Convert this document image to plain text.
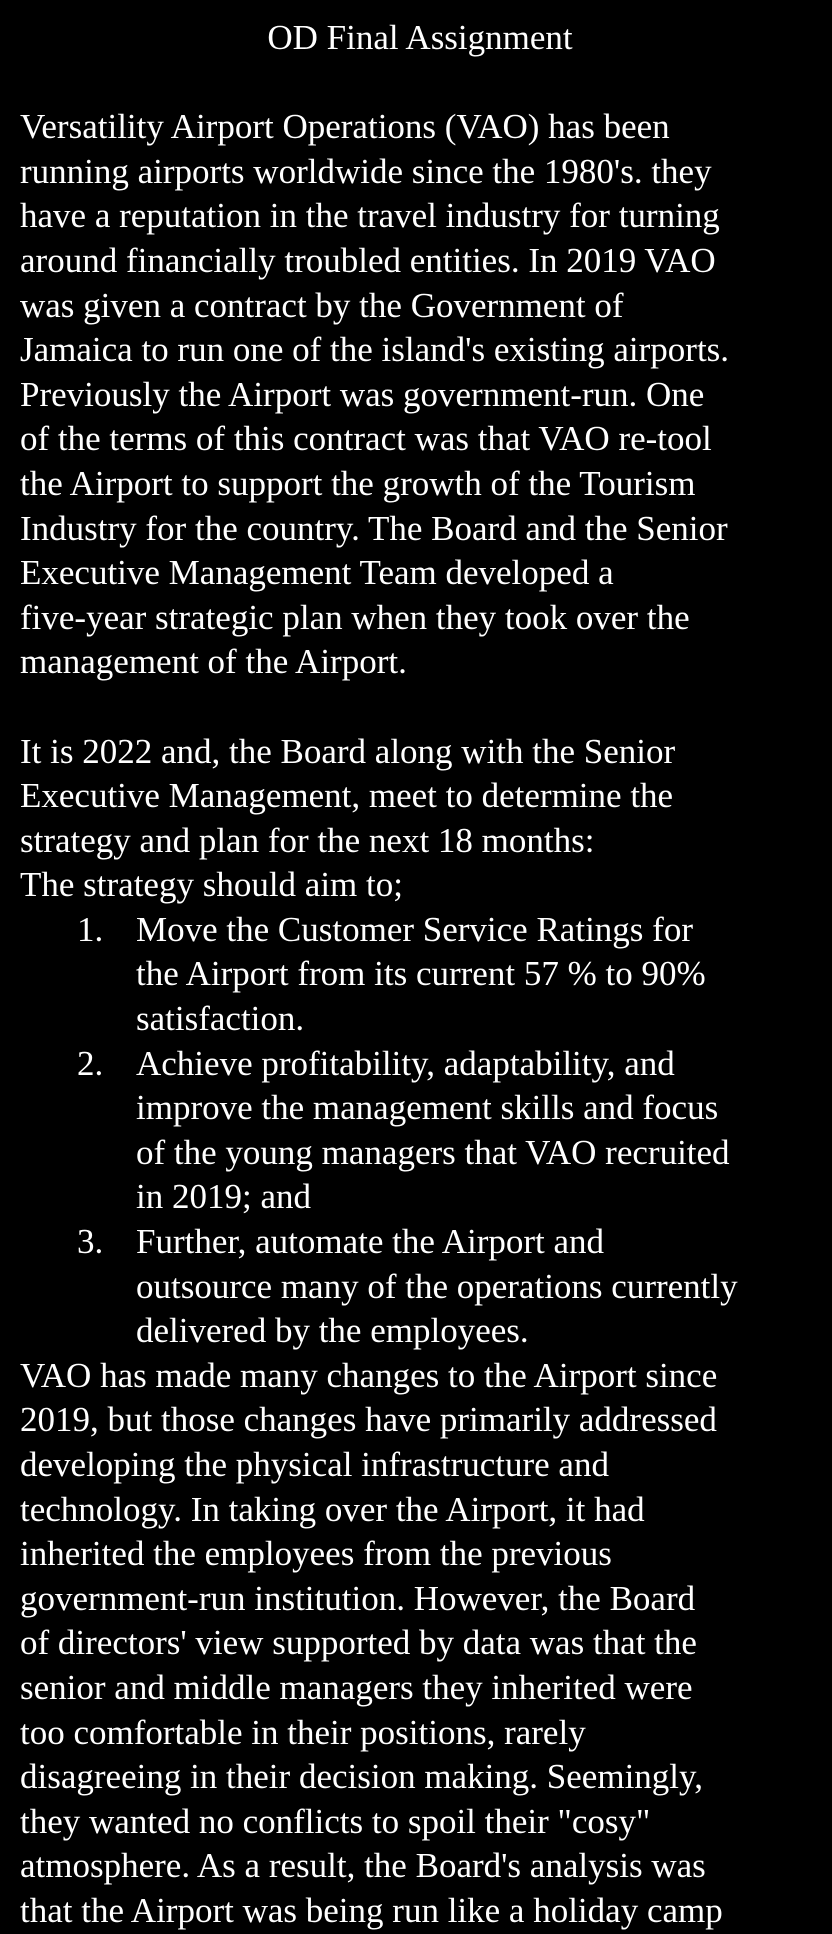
OD Final Assignment

Versatility Airport Operations (VAO) has been
running airports worldwide since the 1980's. they
have a reputation in the travel industry for turning
around financially troubled entities. In 2019 VAO
was given a contract by the Government of
Jamaica to run one of the island's existing airports.
Previously the Airport was government-run. One
of the terms of this contract was that VAO re-tool
the Airport to support the growth of the Tourism
Industry for the country. The Board and the Senior
Executive Management Team developed a
five-year strategic plan when they took over the
management of the Airport.

It is 2022 and, the Board along with the Senior
Executive Management, meet to determine the
strategy and plan for the next 18 months:
The strategy should aim to;

1. Move the Customer Service Ratings for
the Airport from its current 57 % to 90%
satisfaction.
2. Achieve profitability, adaptability, and
improve the management skills and focus
of the young managers that VAO recruited
in 2019; and
3. Further, automate the Airport and
outsource many of the operations currently
delivered by the employees.

VAO has made many changes to the Airport since
2019, but those changes have primarily addressed
developing the physical infrastructure and
technology. In taking over the Airport, it had
inherited the employees from the previous
government-run institution. However, the Board
of directors' view supported by data was that the
senior and middle managers they inherited were
too comfortable in their positions, rarely
disagreeing in their decision making. Seemingly,
they wanted no conflicts to spoil their "cosy"
atmosphere. As a result, the Board's analysis was
that the Airport was being run like a holiday camp
